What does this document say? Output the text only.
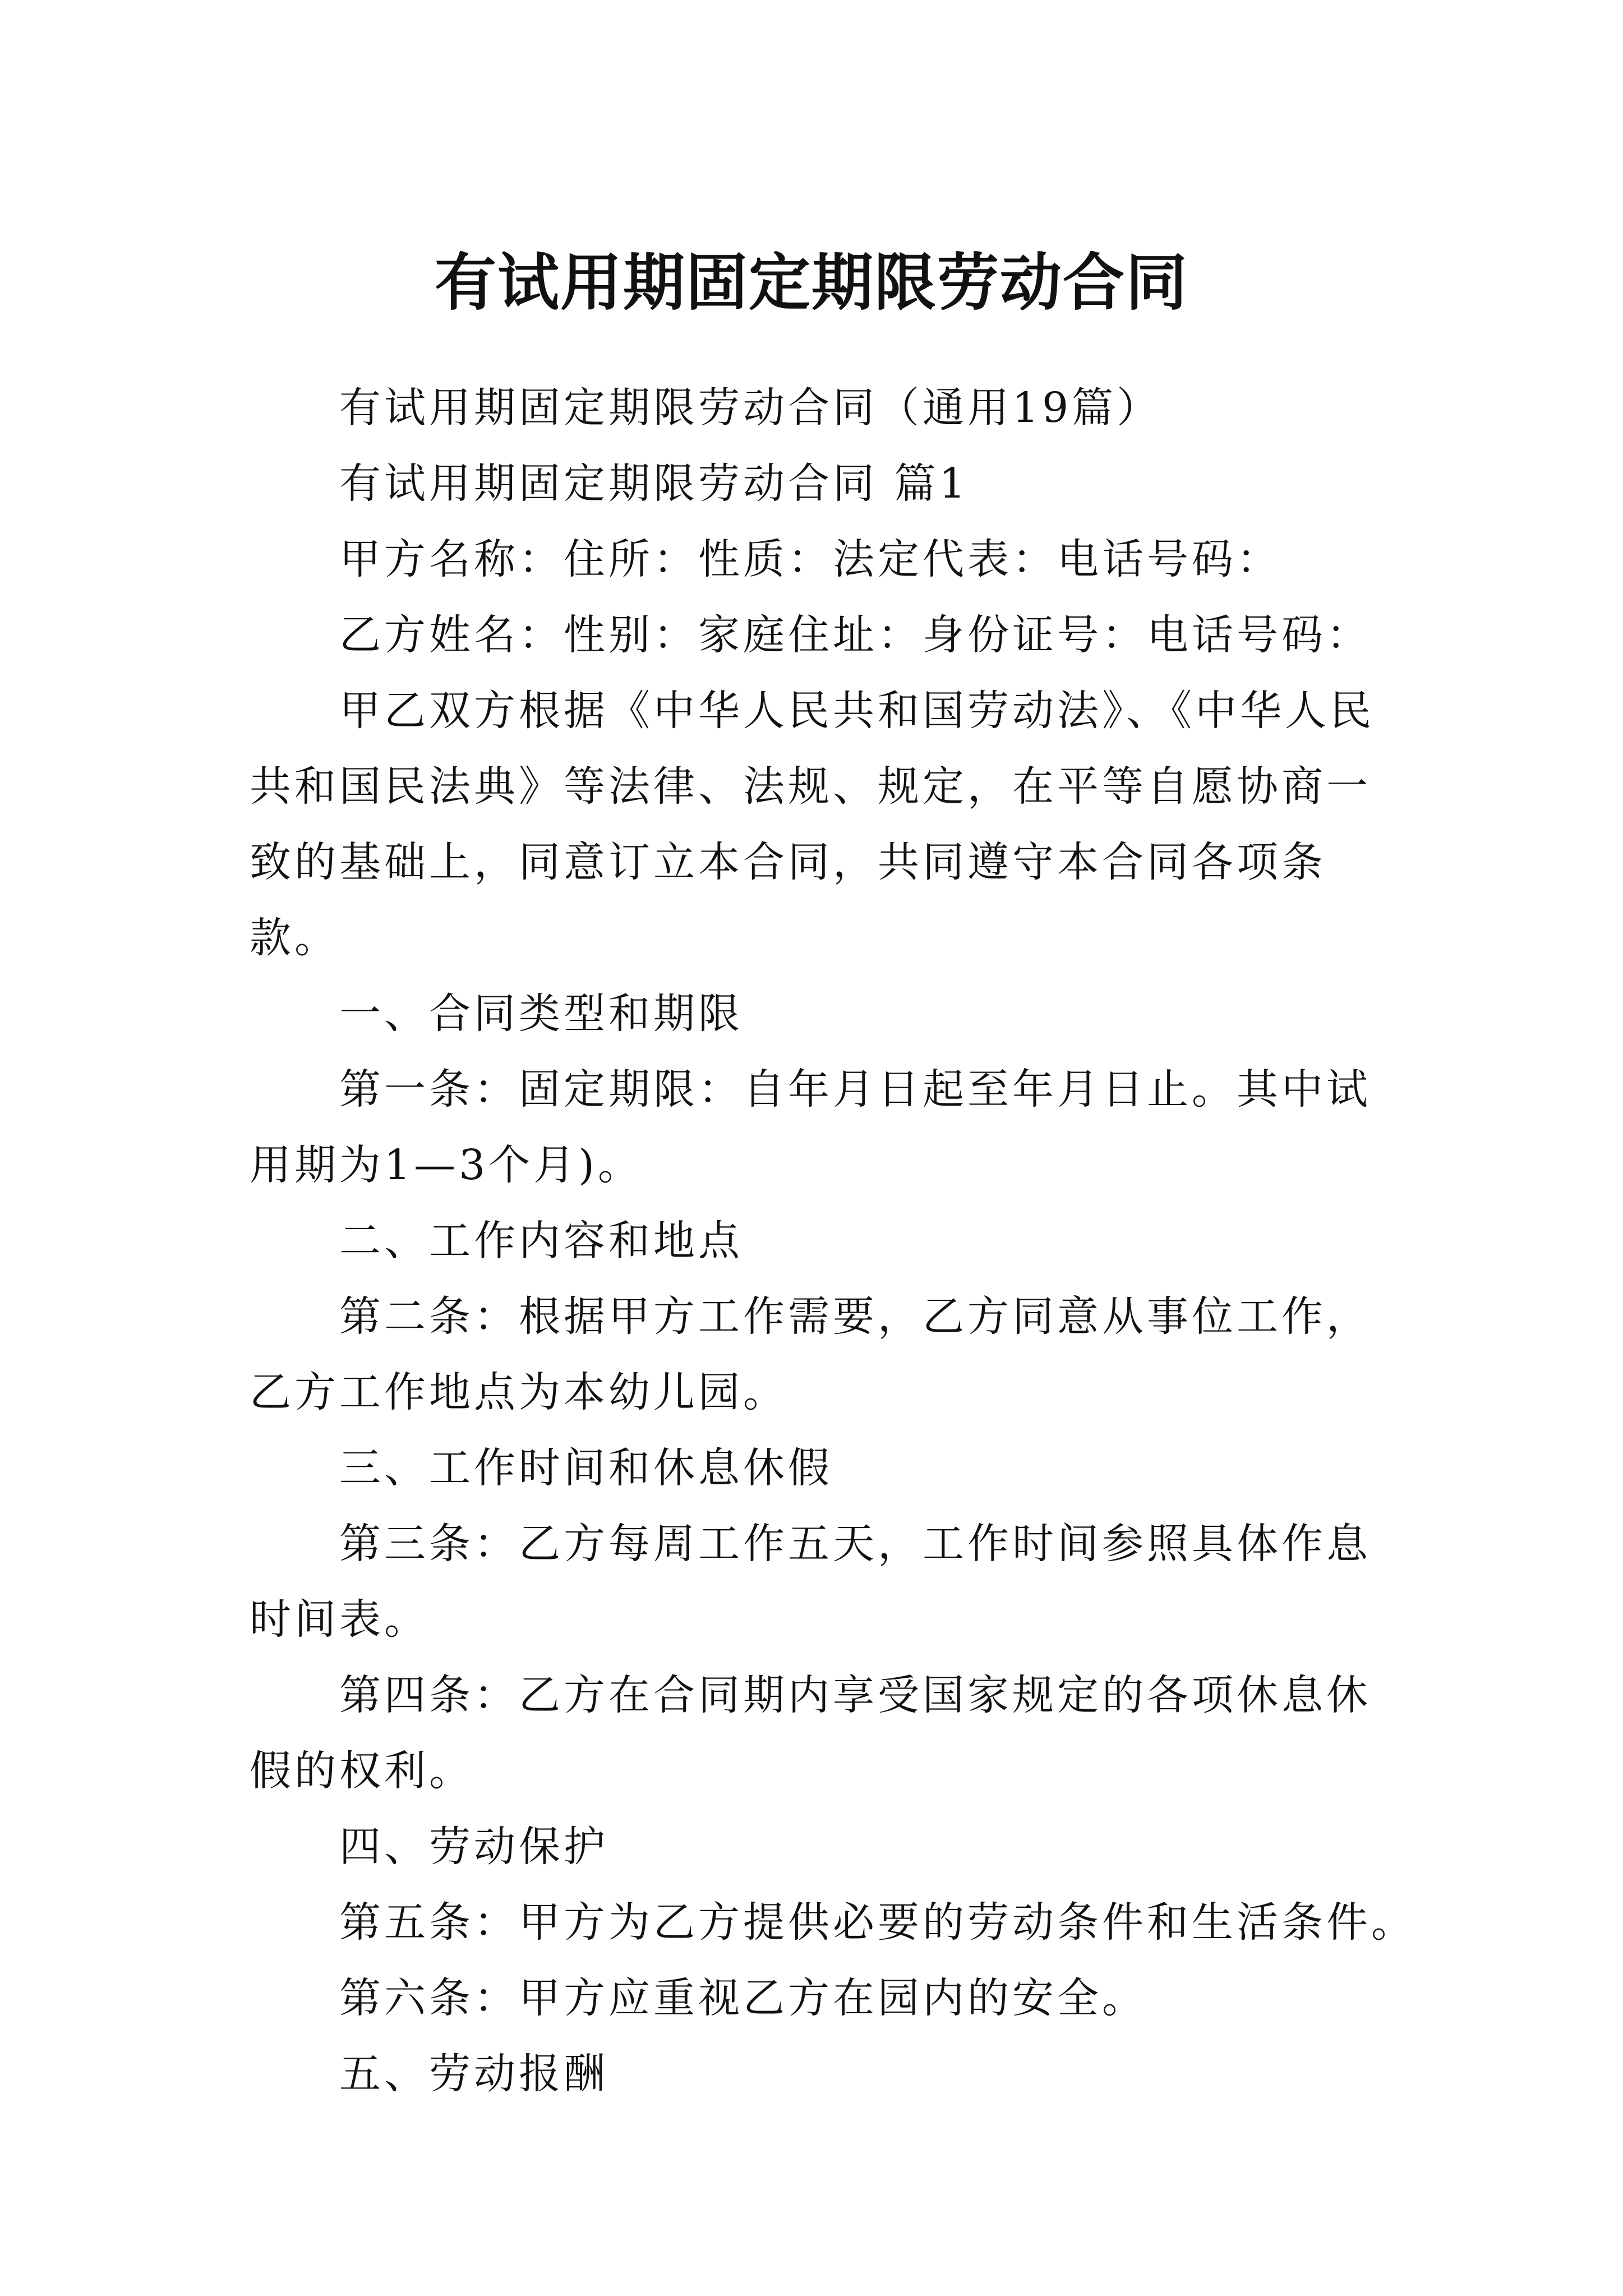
有试用期固定期限劳动合同

有试用期固定期限劳动合同（通用19篇）

有试用期固定期限劳动合同 篇1

甲方名称：住所：性质：法定代表：电话号码：

乙方姓名：性别：家庭住址：身份证号：电话号码：

甲乙双方根据《中华人民共和国劳动法》、《中华人民共和国民法典》等法律、法规、规定，在平等自愿协商一致的基础上，同意订立本合同，共同遵守本合同各项条款。

一、合同类型和期限

第一条：固定期限：自年月日起至年月日止。其中试用期为1—3个月)。

二、工作内容和地点

第二条：根据甲方工作需要，乙方同意从事位工作，乙方工作地点为本幼儿园。

三、工作时间和休息休假

第三条：乙方每周工作五天，工作时间参照具体作息时间表。

第四条：乙方在合同期内享受国家规定的各项休息休假的权利。

四、劳动保护

第五条：甲方为乙方提供必要的劳动条件和生活条件。

第六条：甲方应重视乙方在园内的安全。

五、劳动报酬
